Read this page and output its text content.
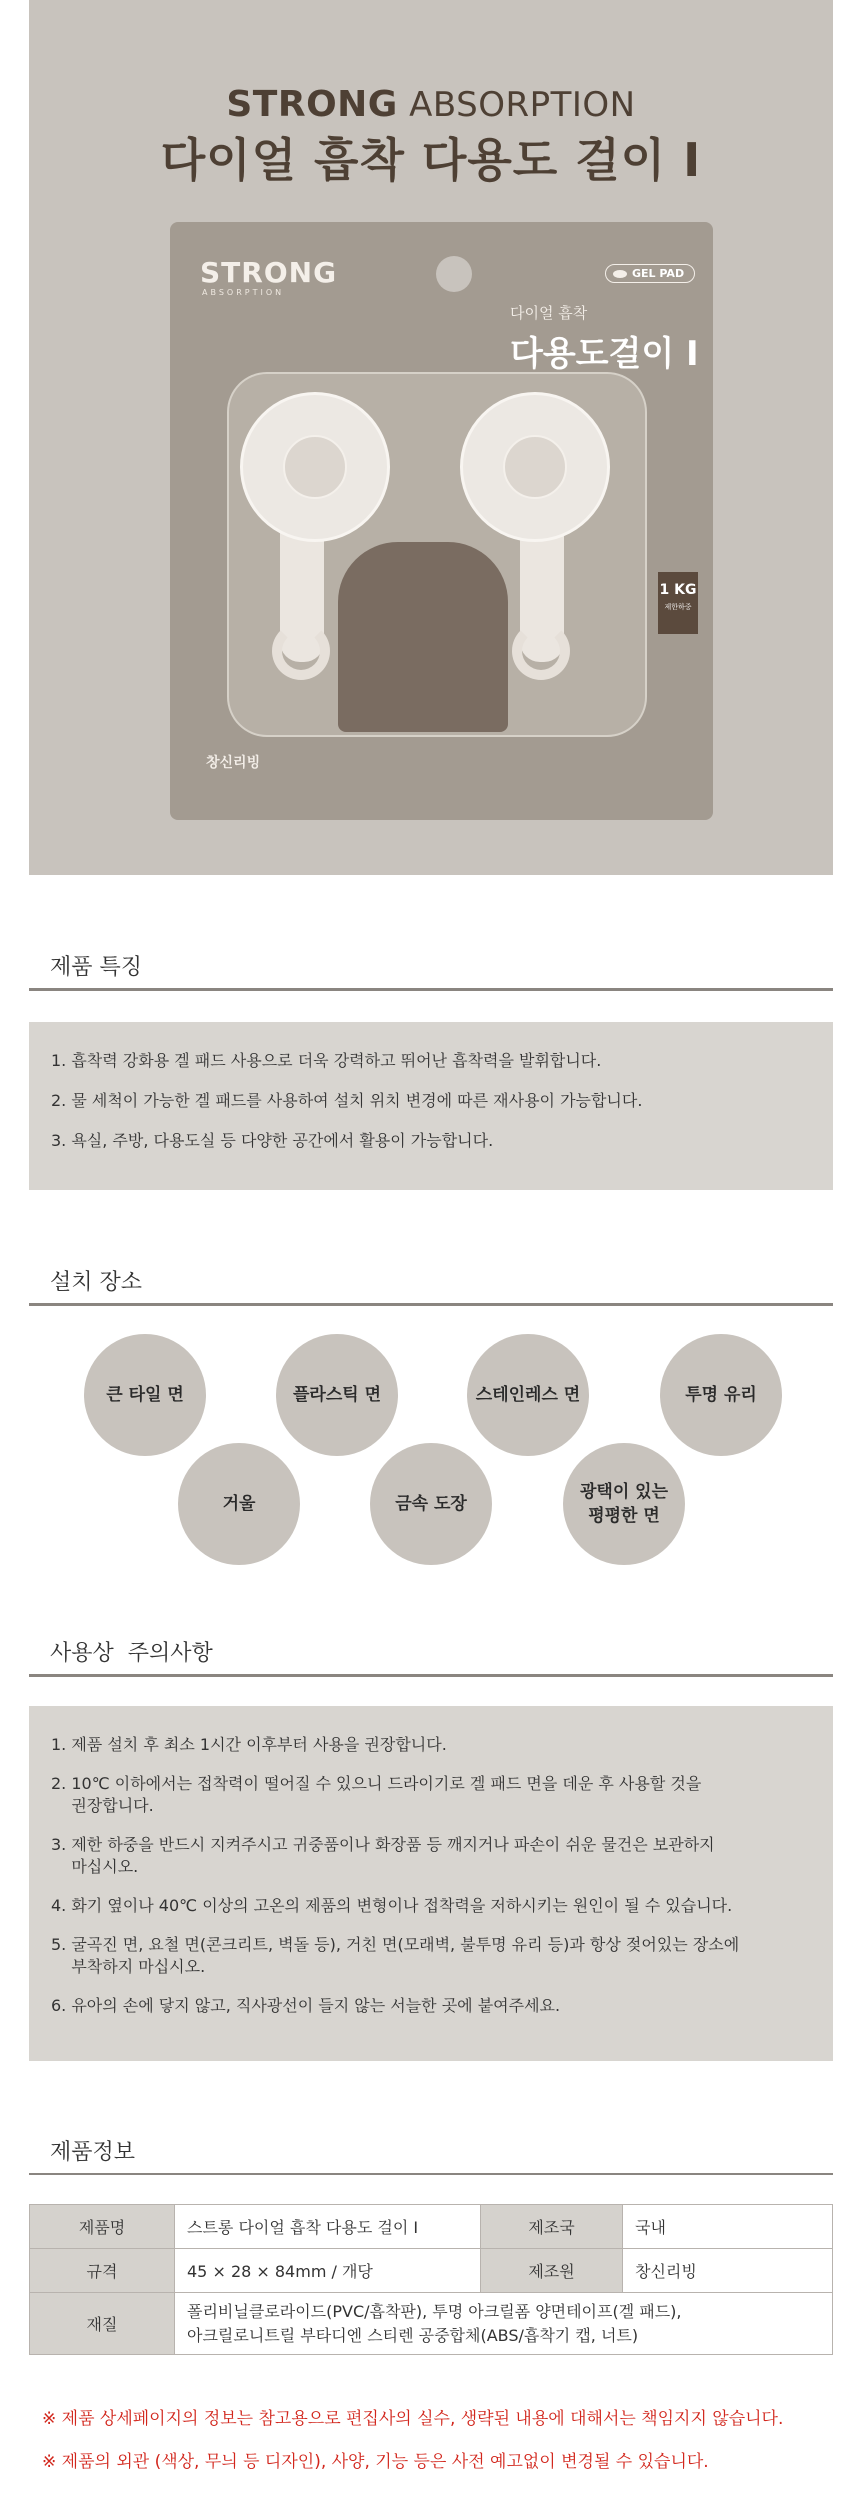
STRONG ABSORPTION
다이얼 흡착 다용도 걸이 I
STRONG
ABSORPTION
GEL PAD
다이얼 흡착
다용도걸이 I
1 KG
제한하중
창신리빙
제품 특징
1. 흡착력 강화용 겔 패드 사용으로 더욱 강력하고 뛰어난 흡착력을 발휘합니다.
2. 물 세척이 가능한 겔 패드를 사용하여 설치 위치 변경에 따른 재사용이 가능합니다.
3. 욕실, 주방, 다용도실 등 다양한 공간에서 활용이 가능합니다.
설치 장소
큰 타일 면	플라스틱 면	스테인레스 면	투명 유리
거울	금속 도장
광택이 있는
평평한 면
사용상  주의사항
1. 제품 설치 후 최소 1시간 이후부터 사용을 권장합니다.
2. 10℃ 이하에서는 접착력이 떨어질 수 있으니 드라이기로 겔 패드 면을 데운 후 사용할 것을
권장합니다.
3. 제한 하중을 반드시 지켜주시고 귀중품이나 화장품 등 깨지거나 파손이 쉬운 물건은 보관하지
마십시오.
4. 화기 옆이나 40℃ 이상의 고온의 제품의 변형이나 접착력을 저하시키는 원인이 될 수 있습니다.
5. 굴곡진 면, 요철 면(콘크리트, 벽돌 등), 거친 면(모래벽, 불투명 유리 등)과 항상 젖어있는 장소에
부착하지 마십시오.
6. 유아의 손에 닿지 않고, 직사광선이 들지 않는 서늘한 곳에 붙여주세요.
제품정보
제품명	스트롱 다이얼 흡착 다용도 걸이 I	제조국	국내
규격	45 × 28 × 84mm / 개당	제조원	창신리빙
재질	폴리비닐클로라이드(PVC/흡착판), 투명 아크릴폼 양면테이프(겔 패드),
아크릴로니트릴 부타디엔 스티렌 공중합체(ABS/흡착기 캡, 너트)		
※ 제품 상세페이지의 정보는 참고용으로 편집사의 실수, 생략된 내용에 대해서는 책임지지 않습니다.
※ 제품의 외관 (색상, 무늬 등 디자인), 사양, 기능 등은 사전 예고없이 변경될 수 있습니다.
